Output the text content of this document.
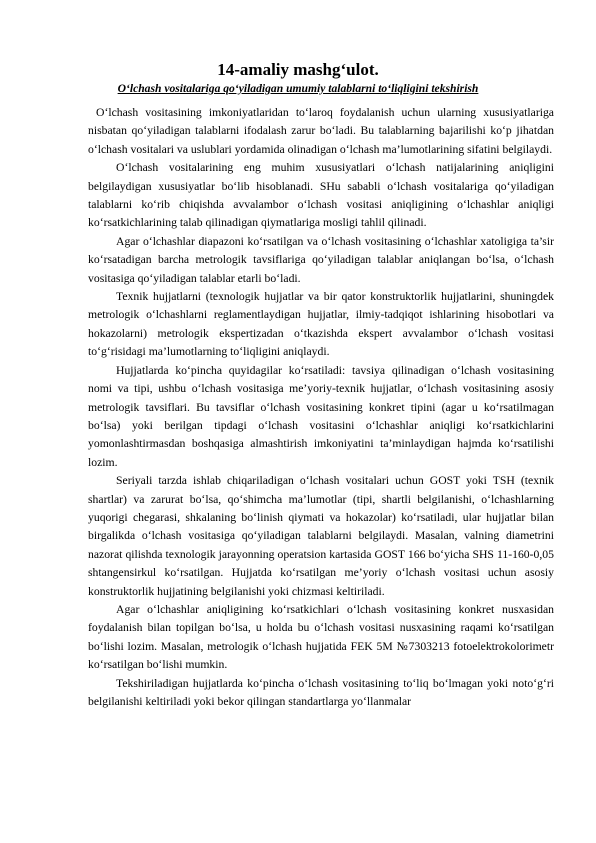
14-amaliy mashg‘ulot.
O‘lchash vositalariga qo‘yiladigan umumiy talablarni to‘liqligini tekshirish

O‘lchash vositasining imkoniyatlaridan to‘laroq foydalanish uchun ularning xususiyatlariga nisbatan qo‘yiladigan talablarni ifodalash zarur bo‘ladi. Bu talablarning bajarilishi ko‘p jihatdan o‘lchash vositalari va uslublari yordamida olinadigan o‘lchash ma’lumotlarining sifatini belgilaydi.

O‘lchash vositalarining eng muhim xususiyatlari o‘lchash natijalarining aniqligini belgilaydigan xususiyatlar bo‘lib hisoblanadi. SHu sababli o‘lchash vositalariga qo‘yiladigan talablarni ko‘rib chiqishda avvalambor o‘lchash vositasi aniqligining o‘lchashlar aniqligi ko‘rsatkichlarining talab qilinadigan qiymatlariga mosligi tahlil qilinadi.

Agar o‘lchashlar diapazoni ko‘rsatilgan va o‘lchash vositasining o‘lchashlar xatoligiga ta’sir ko‘rsatadigan barcha metrologik tavsiflariga qo‘yiladigan talablar aniqlangan bo‘lsa, o‘lchash vositasiga qo‘yiladigan talablar etarli bo‘ladi.

Texnik hujjatlarni (texnologik hujjatlar va bir qator konstruktorlik hujjatlarini, shuningdek metrologik o‘lchashlarni reglamentlaydigan hujjatlar, ilmiy-tadqiqot ishlarining hisobotlari va hokazolarni) metrologik ekspertizadan o‘tkazishda ekspert avvalambor o‘lchash vositasi to‘g‘risidagi ma’lumotlarning to‘liqligini aniqlaydi.

Hujjatlarda ko‘pincha quyidagilar ko‘rsatiladi: tavsiya qilinadigan o‘lchash vositasining nomi va tipi, ushbu o‘lchash vositasiga me’yoriy-texnik hujjatlar, o‘lchash vositasining asosiy metrologik tavsiflari. Bu tavsiflar o‘lchash vositasining konkret tipini (agar u ko‘rsatilmagan bo‘lsa) yoki berilgan tipdagi o‘lchash vositasini o‘lchashlar aniqligi ko‘rsatkichlarini yomonlashtirmasdan boshqasiga almashtirish imkoniyatini ta’minlaydigan hajmda ko‘rsatilishi lozim.

Seriyali tarzda ishlab chiqariladigan o‘lchash vositalari uchun GOST yoki TSH (texnik shartlar) va zarurat bo‘lsa, qo‘shimcha ma’lumotlar (tipi, shartli belgilanishi, o‘lchashlarning yuqorigi chegarasi, shkalaning bo‘linish qiymati va hokazolar) ko‘rsatiladi, ular hujjatlar bilan birgalikda o‘lchash vositasiga qo‘yiladigan talablarni belgilaydi. Masalan, valning diametrini nazorat qilishda texnologik jarayonning operatsion kartasida GOST 166 bo‘yicha SHS 11-160-0,05 shtangensirkul ko‘rsatilgan. Hujjatda ko‘rsatilgan me’yoriy o‘lchash vositasi uchun asosiy konstruktorlik hujjatining belgilanishi yoki chizmasi keltiriladi.

Agar o‘lchashlar aniqligining ko‘rsatkichlari o‘lchash vositasining konkret nusxasidan foydalanish bilan topilgan bo‘lsa, u holda bu o‘lchash vositasi nusxasining raqami ko‘rsatilgan bo‘lishi lozim. Masalan, metrologik o‘lchash hujjatida FEK 5M №7303213 fotoelektrokolorimetr ko‘rsatilgan bo‘lishi mumkin.

Tekshiriladigan hujjatlarda ko‘pincha o‘lchash vositasining to‘liq bo‘lmagan yoki noto‘g‘ri belgilanishi keltiriladi yoki bekor qilingan standartlarga yo‘llanmalar
